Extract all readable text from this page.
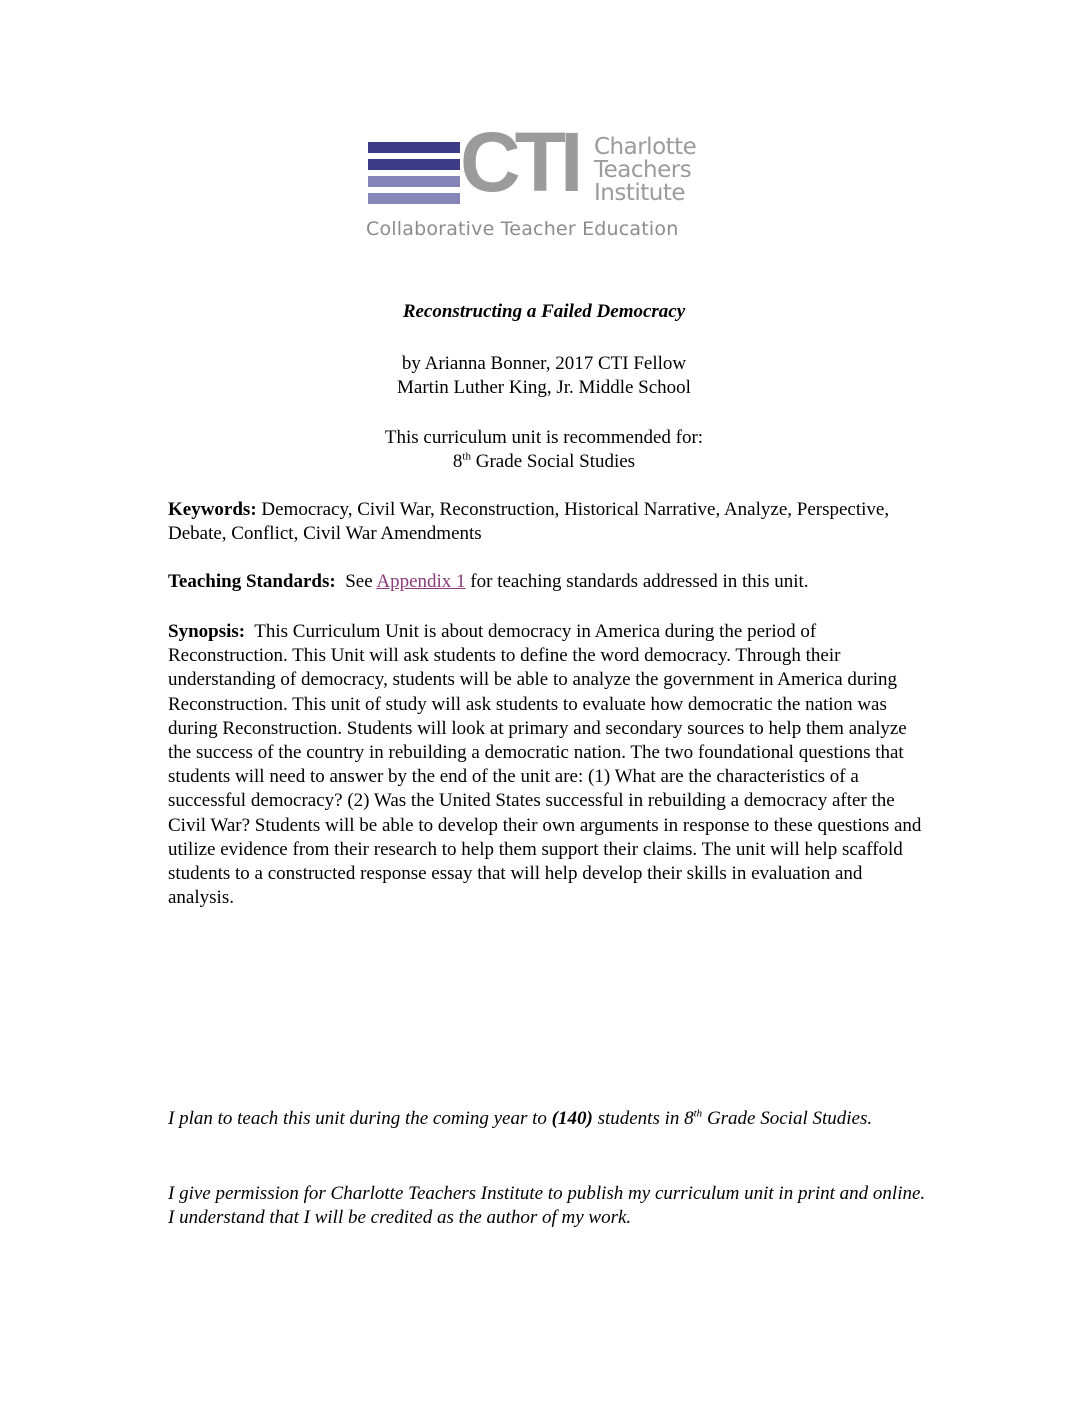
CTI Charlotte
Teachers
Institute
Collaborative Teacher Education
Reconstructing a Failed Democracy
by Arianna Bonner, 2017 CTI Fellow
Martin Luther King, Jr. Middle School
This curriculum unit is recommended for:
8th Grade Social Studies
Keywords: Democracy, Civil War, Reconstruction, Historical Narrative, Analyze, Perspective, Debate, Conflict, Civil War Amendments
Teaching Standards:  See Appendix 1 for teaching standards addressed in this unit.
Synopsis:  This Curriculum Unit is about democracy in America during the period of Reconstruction. This Unit will ask students to define the word democracy. Through their understanding of democracy, students will be able to analyze the government in America during Reconstruction. This unit of study will ask students to evaluate how democratic the nation was during Reconstruction. Students will look at primary and secondary sources to help them analyze the success of the country in rebuilding a democratic nation. The two foundational questions that students will need to answer by the end of the unit are: (1) What are the characteristics of a successful democracy? (2) Was the United States successful in rebuilding a democracy after the Civil War? Students will be able to develop their own arguments in response to these questions and utilize evidence from their research to help them support their claims. The unit will help scaffold students to a constructed response essay that will help develop their skills in evaluation and analysis.
I plan to teach this unit during the coming year to (140) students in 8th Grade Social Studies.
I give permission for Charlotte Teachers Institute to publish my curriculum unit in print and online. I understand that I will be credited as the author of my work.
